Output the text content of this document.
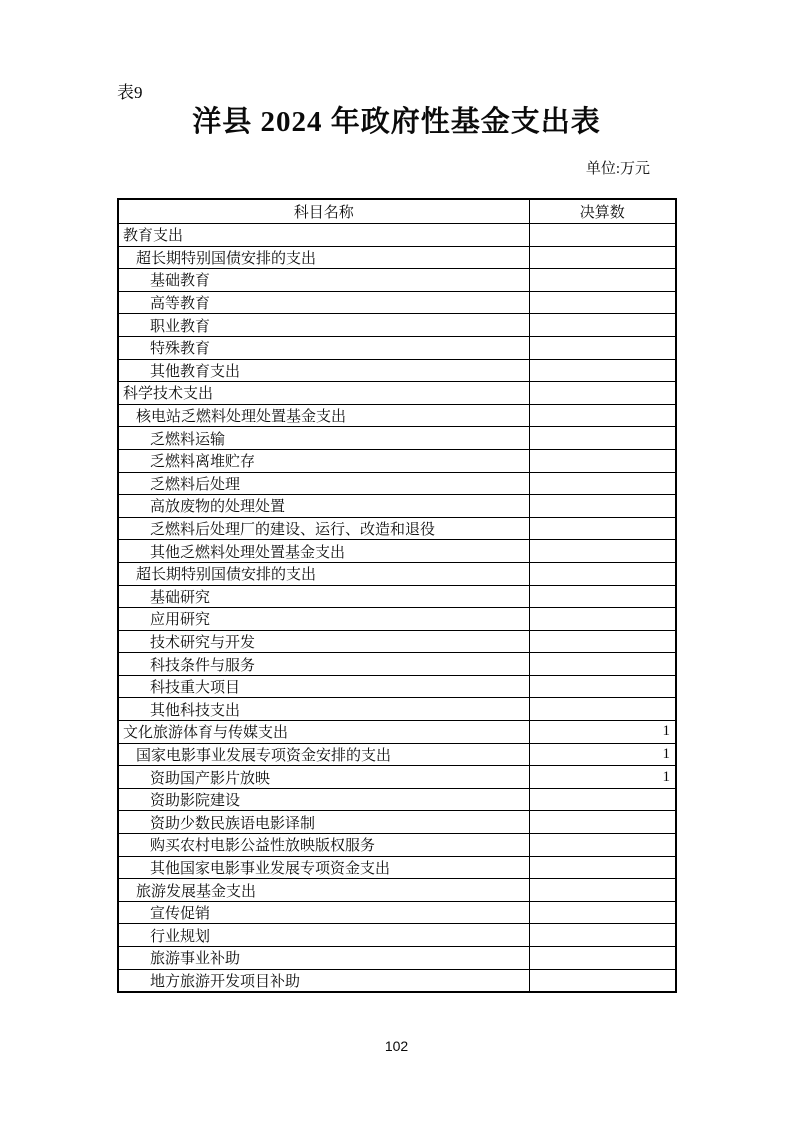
表9
洋县 2024 年政府性基金支出表
单位:万元
科目名称	决算数
教育支出	
超长期特别国债安排的支出	
基础教育	
高等教育	
职业教育	
特殊教育	
其他教育支出	
科学技术支出	
核电站乏燃料处理处置基金支出	
乏燃料运输	
乏燃料离堆贮存	
乏燃料后处理	
高放废物的处理处置	
乏燃料后处理厂的建设、运行、改造和退役	
其他乏燃料处理处置基金支出	
超长期特别国债安排的支出	
基础研究	
应用研究	
技术研究与开发	
科技条件与服务	
科技重大项目	
其他科技支出	
文化旅游体育与传媒支出	1
国家电影事业发展专项资金安排的支出	1
资助国产影片放映	1
资助影院建设	
资助少数民族语电影译制	
购买农村电影公益性放映版权服务	
其他国家电影事业发展专项资金支出	
旅游发展基金支出	
宣传促销	
行业规划	
旅游事业补助	
地方旅游开发项目补助	
102
